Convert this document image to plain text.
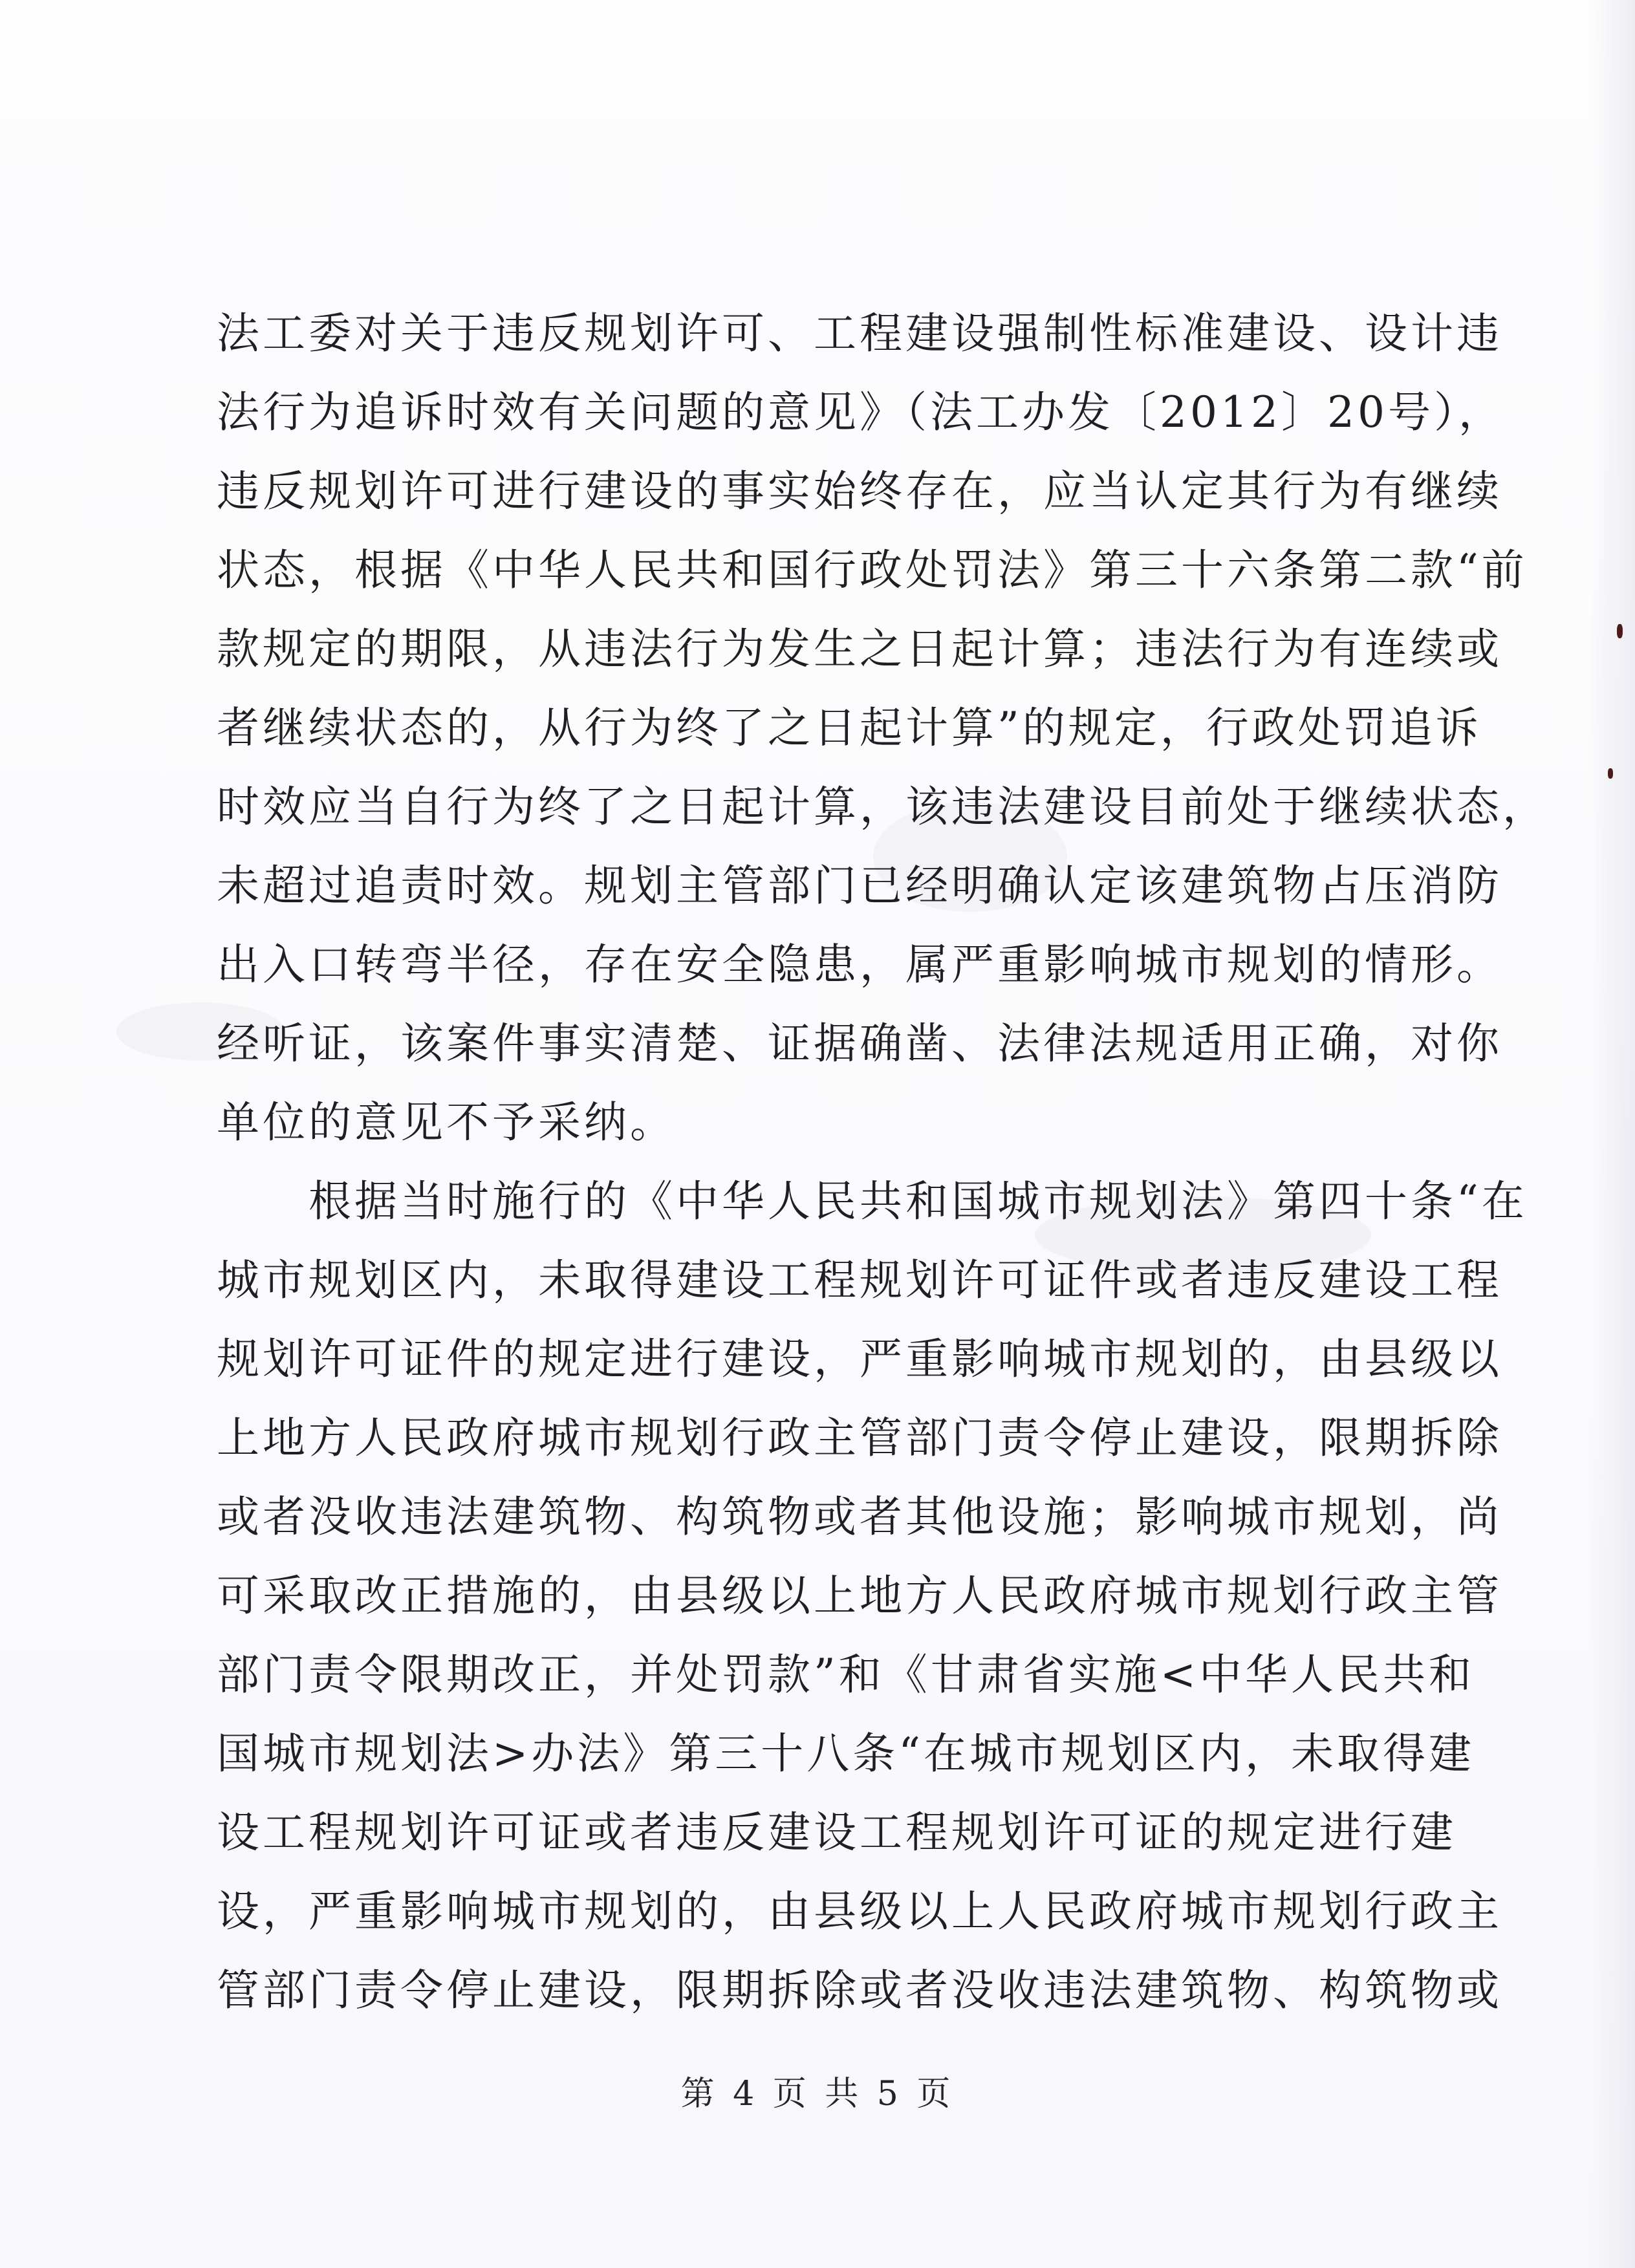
法工委对关于违反规划许可、工程建设强制性标准建设、设计违
法行为追诉时效有关问题的意见》（法工办发〔2012〕20号），
违反规划许可进行建设的事实始终存在，应当认定其行为有继续
状态，根据《中华人民共和国行政处罚法》第三十六条第二款“前
款规定的期限，从违法行为发生之日起计算；违法行为有连续或
者继续状态的，从行为终了之日起计算”的规定，行政处罚追诉
时效应当自行为终了之日起计算，该违法建设目前处于继续状态，
未超过追责时效。规划主管部门已经明确认定该建筑物占压消防
出入口转弯半径，存在安全隐患，属严重影响城市规划的情形。
经听证，该案件事实清楚、证据确凿、法律法规适用正确，对你
单位的意见不予采纳。
　　根据当时施行的《中华人民共和国城市规划法》第四十条“在
城市规划区内，未取得建设工程规划许可证件或者违反建设工程
规划许可证件的规定进行建设，严重影响城市规划的，由县级以
上地方人民政府城市规划行政主管部门责令停止建设，限期拆除
或者没收违法建筑物、构筑物或者其他设施；影响城市规划，尚
可采取改正措施的，由县级以上地方人民政府城市规划行政主管
部门责令限期改正，并处罚款”和《甘肃省实施<中华人民共和
国城市规划法>办法》第三十八条“在城市规划区内，未取得建
设工程规划许可证或者违反建设工程规划许可证的规定进行建
设，严重影响城市规划的，由县级以上人民政府城市规划行政主
管部门责令停止建设，限期拆除或者没收违法建筑物、构筑物或
第 4 页 共 5 页
